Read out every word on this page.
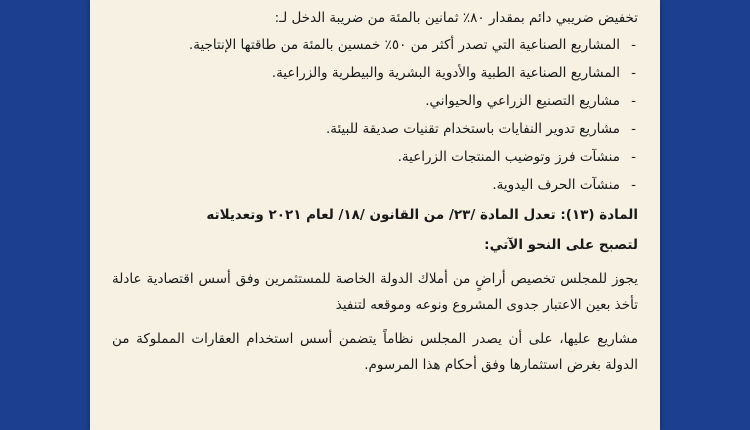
تخفيض ضريبي دائم بمقدار ٨٠٪ ثمانين بالمئة من ضريبة الدخل لـ:

-
المشاريع الصناعية التي تصدر أكثر من ٥٠٪ خمسين بالمئة من طاقتها الإنتاجية.
-
المشاريع الصناعية الطبية والأدوية البشرية والبيطرية والزراعية.
-
مشاريع التصنيع الزراعي والحيواني.
-
مشاريع تدوير النفايات باستخدام تقنيات صديقة للبيئة.
-
منشآت فرز وتوضيب المنتجات الزراعية.
-
منشآت الحرف اليدوية.
المادة (١٣): تعدل المادة /٢٣/ من القانون /١٨/ لعام ٢٠٢١ وتعديلاته
لتصبح على النحو الآتي:

يجوز للمجلس تخصيص أراضٍ من أملاك الدولة الخاصة للمستثمرين وفق أسس اقتصادية عادلة تأخذ بعين الاعتبار جدوى المشروع ونوعه وموقعه لتنفيذ

مشاريع عليها، على أن يصدر المجلس نظاماً يتضمن أسس استخدام العقارات المملوكة من الدولة بغرض استثمارها وفق أحكام هذا المرسوم.
